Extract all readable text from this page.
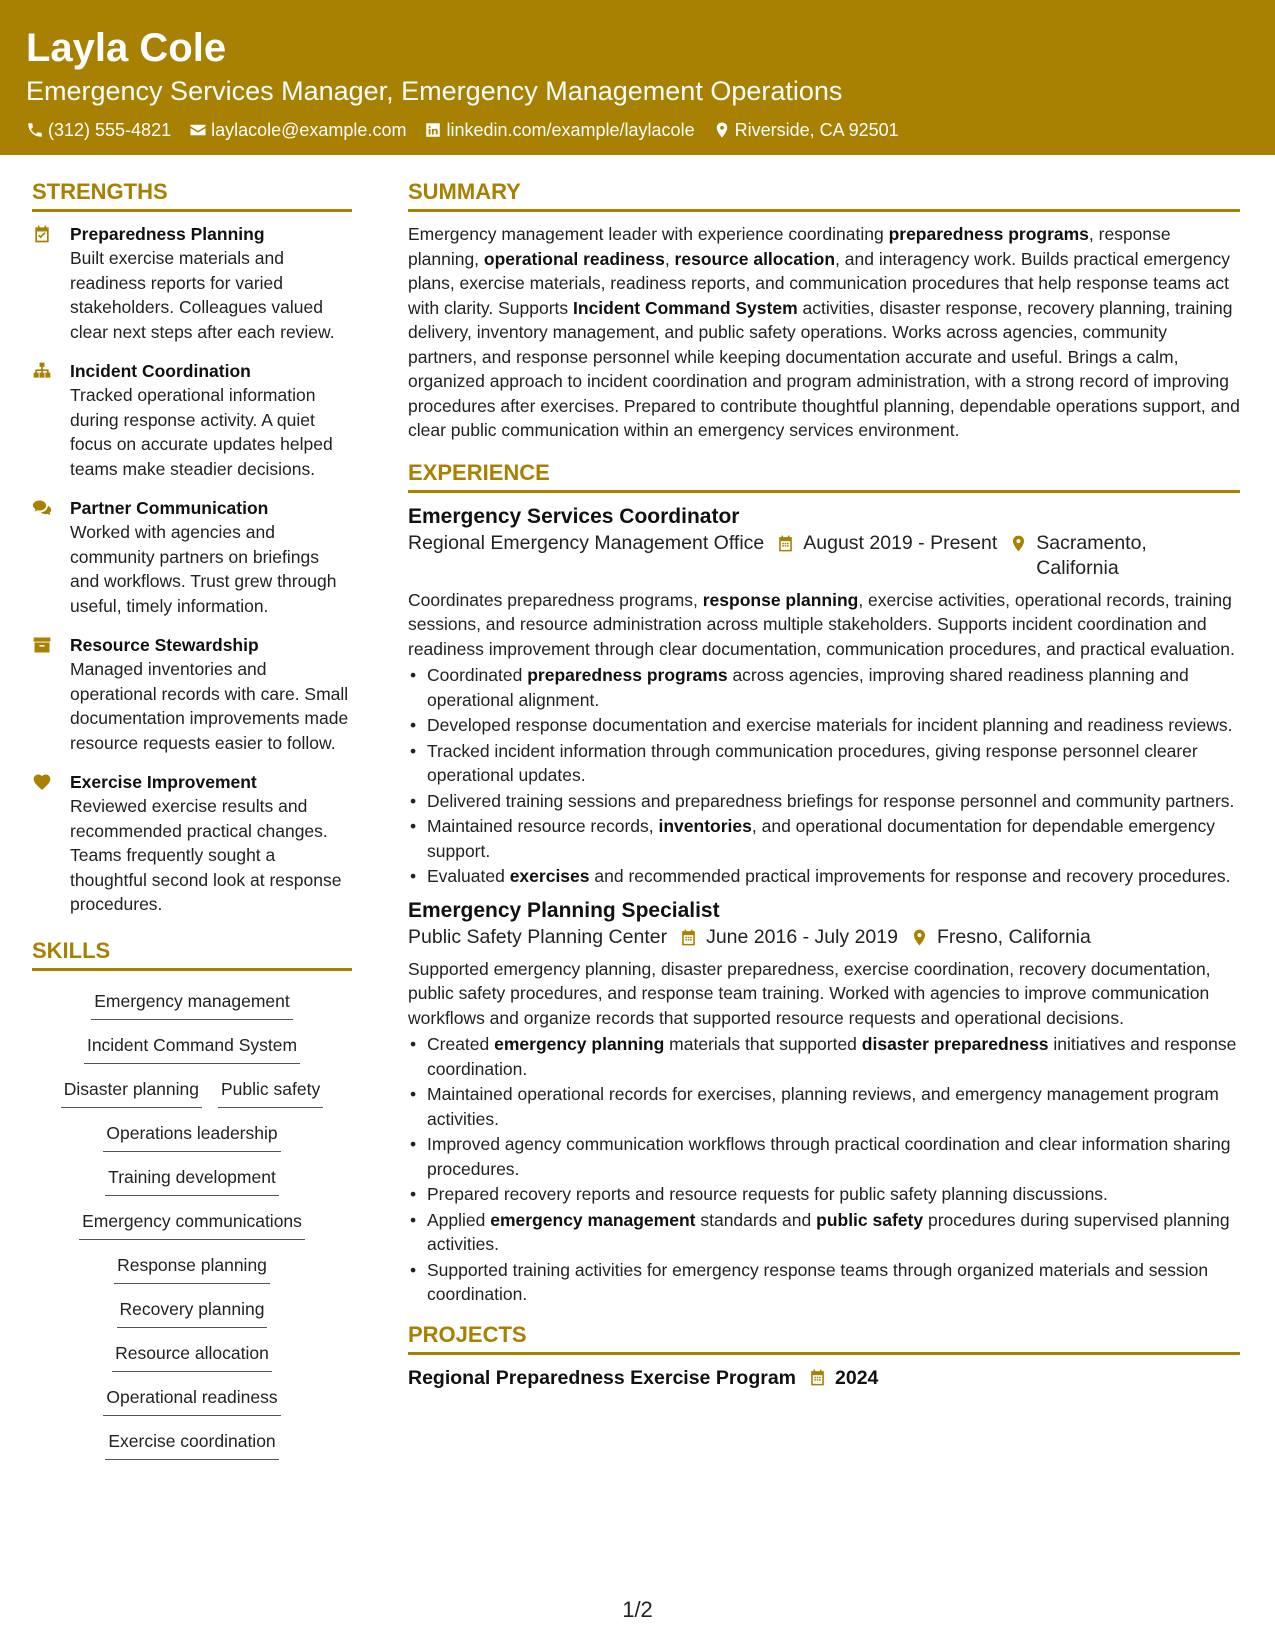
Layla Cole
Emergency Services Manager, Emergency Management Operations
(312) 555-4821 laylacole@example.com linkedin.com/example/laylacole Riverside, CA 92501
STRENGTHS
Preparedness Planning
Built exercise materials and readiness reports for varied stakeholders. Colleagues valued clear next steps after each review.
Incident Coordination
Tracked operational information during response activity. A quiet focus on accurate updates helped teams make steadier decisions.
Partner Communication
Worked with agencies and community partners on briefings and workflows. Trust grew through useful, timely information.
Resource Stewardship
Managed inventories and operational records with care. Small documentation improvements made resource requests easier to follow.
Exercise Improvement
Reviewed exercise results and recommended practical changes. Teams frequently sought a thoughtful second look at response procedures.
SKILLS
Emergency management
Incident Command System
Disaster planning Public safety
Operations leadership
Training development
Emergency communications
Response planning
Recovery planning
Resource allocation
Operational readiness
Exercise coordination
SUMMARY
Emergency management leader with experience coordinating preparedness programs, response planning, operational readiness, resource allocation, and interagency work. Builds practical emergency plans, exercise materials, readiness reports, and communication procedures that help response teams act with clarity. Supports Incident Command System activities, disaster response, recovery planning, training delivery, inventory management, and public safety operations. Works across agencies, community partners, and response personnel while keeping documentation accurate and useful. Brings a calm, organized approach to incident coordination and program administration, with a strong record of improving procedures after exercises. Prepared to contribute thoughtful planning, dependable operations support, and clear public communication within an emergency services environment.
EXPERIENCE
Emergency Services Coordinator
Regional Emergency Management Office August 2019 - Present Sacramento, California
Coordinates preparedness programs, response planning, exercise activities, operational records, training sessions, and resource administration across multiple stakeholders. Supports incident coordination and readiness improvement through clear documentation, communication procedures, and practical evaluation.
• Coordinated preparedness programs across agencies, improving shared readiness planning and operational alignment.
• Developed response documentation and exercise materials for incident planning and readiness reviews.
• Tracked incident information through communication procedures, giving response personnel clearer operational updates.
• Delivered training sessions and preparedness briefings for response personnel and community partners.
• Maintained resource records, inventories, and operational documentation for dependable emergency support.
• Evaluated exercises and recommended practical improvements for response and recovery procedures.
Emergency Planning Specialist
Public Safety Planning Center June 2016 - July 2019 Fresno, California
Supported emergency planning, disaster preparedness, exercise coordination, recovery documentation, public safety procedures, and response team training. Worked with agencies to improve communication workflows and organize records that supported resource requests and operational decisions.
• Created emergency planning materials that supported disaster preparedness initiatives and response coordination.
• Maintained operational records for exercises, planning reviews, and emergency management program activities.
• Improved agency communication workflows through practical coordination and clear information sharing procedures.
• Prepared recovery reports and resource requests for public safety planning discussions.
• Applied emergency management standards and public safety procedures during supervised planning activities.
• Supported training activities for emergency response teams through organized materials and session coordination.
PROJECTS
Regional Preparedness Exercise Program 2024
1/2
